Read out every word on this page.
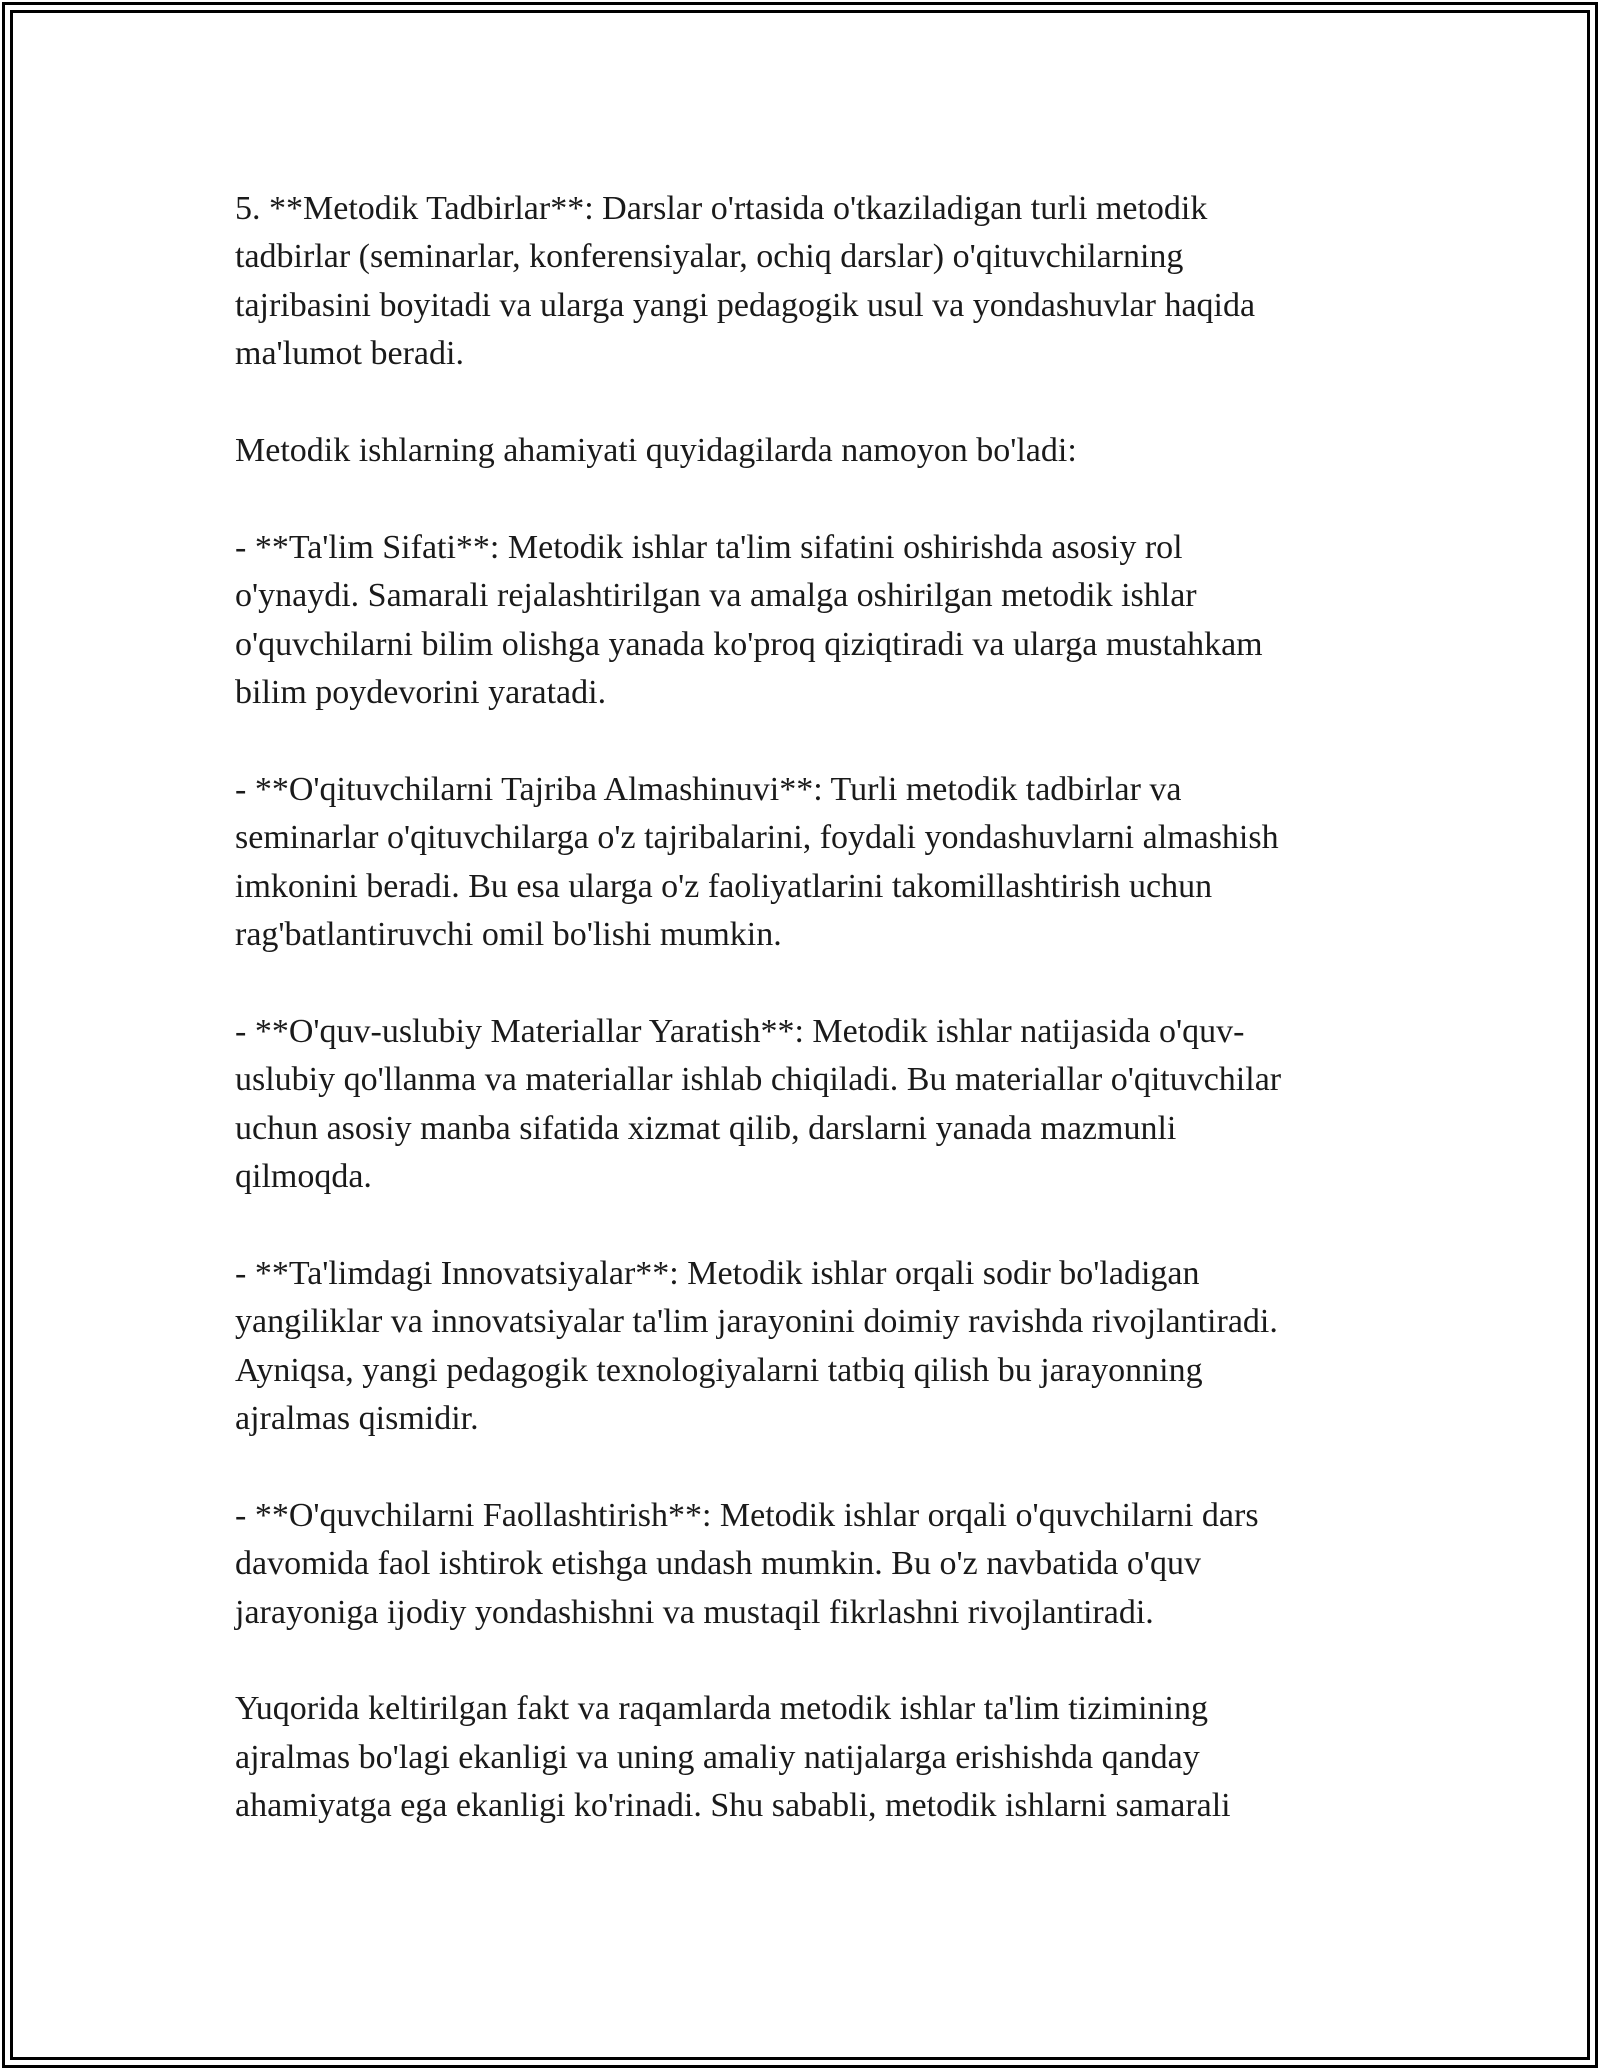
5. **Metodik Tadbirlar**: Darslar o'rtasida o'tkaziladigan turli metodik
tadbirlar (seminarlar, konferensiyalar, ochiq darslar) o'qituvchilarning
tajribasini boyitadi va ularga yangi pedagogik usul va yondashuvlar haqida
ma'lumot beradi.

Metodik ishlarning ahamiyati quyidagilarda namoyon bo'ladi:

- **Ta'lim Sifati**: Metodik ishlar ta'lim sifatini oshirishda asosiy rol
o'ynaydi. Samarali rejalashtirilgan va amalga oshirilgan metodik ishlar
o'quvchilarni bilim olishga yanada ko'proq qiziqtiradi va ularga mustahkam
bilim poydevorini yaratadi.

- **O'qituvchilarni Tajriba Almashinuvi**: Turli metodik tadbirlar va
seminarlar o'qituvchilarga o'z tajribalarini, foydali yondashuvlarni almashish
imkonini beradi. Bu esa ularga o'z faoliyatlarini takomillashtirish uchun
rag'batlantiruvchi omil bo'lishi mumkin.

- **O'quv-uslubiy Materiallar Yaratish**: Metodik ishlar natijasida o'quv-
uslubiy qo'llanma va materiallar ishlab chiqiladi. Bu materiallar o'qituvchilar
uchun asosiy manba sifatida xizmat qilib, darslarni yanada mazmunli
qilmoqda.

- **Ta'limdagi Innovatsiyalar**: Metodik ishlar orqali sodir bo'ladigan
yangiliklar va innovatsiyalar ta'lim jarayonini doimiy ravishda rivojlantiradi.
Ayniqsa, yangi pedagogik texnologiyalarni tatbiq qilish bu jarayonning
ajralmas qismidir.

- **O'quvchilarni Faollashtirish**: Metodik ishlar orqali o'quvchilarni dars
davomida faol ishtirok etishga undash mumkin. Bu o'z navbatida o'quv
jarayoniga ijodiy yondashishni va mustaqil fikrlashni rivojlantiradi.

Yuqorida keltirilgan fakt va raqamlarda metodik ishlar ta'lim tizimining
ajralmas bo'lagi ekanligi va uning amaliy natijalarga erishishda qanday
ahamiyatga ega ekanligi ko'rinadi. Shu sababli, metodik ishlarni samarali
